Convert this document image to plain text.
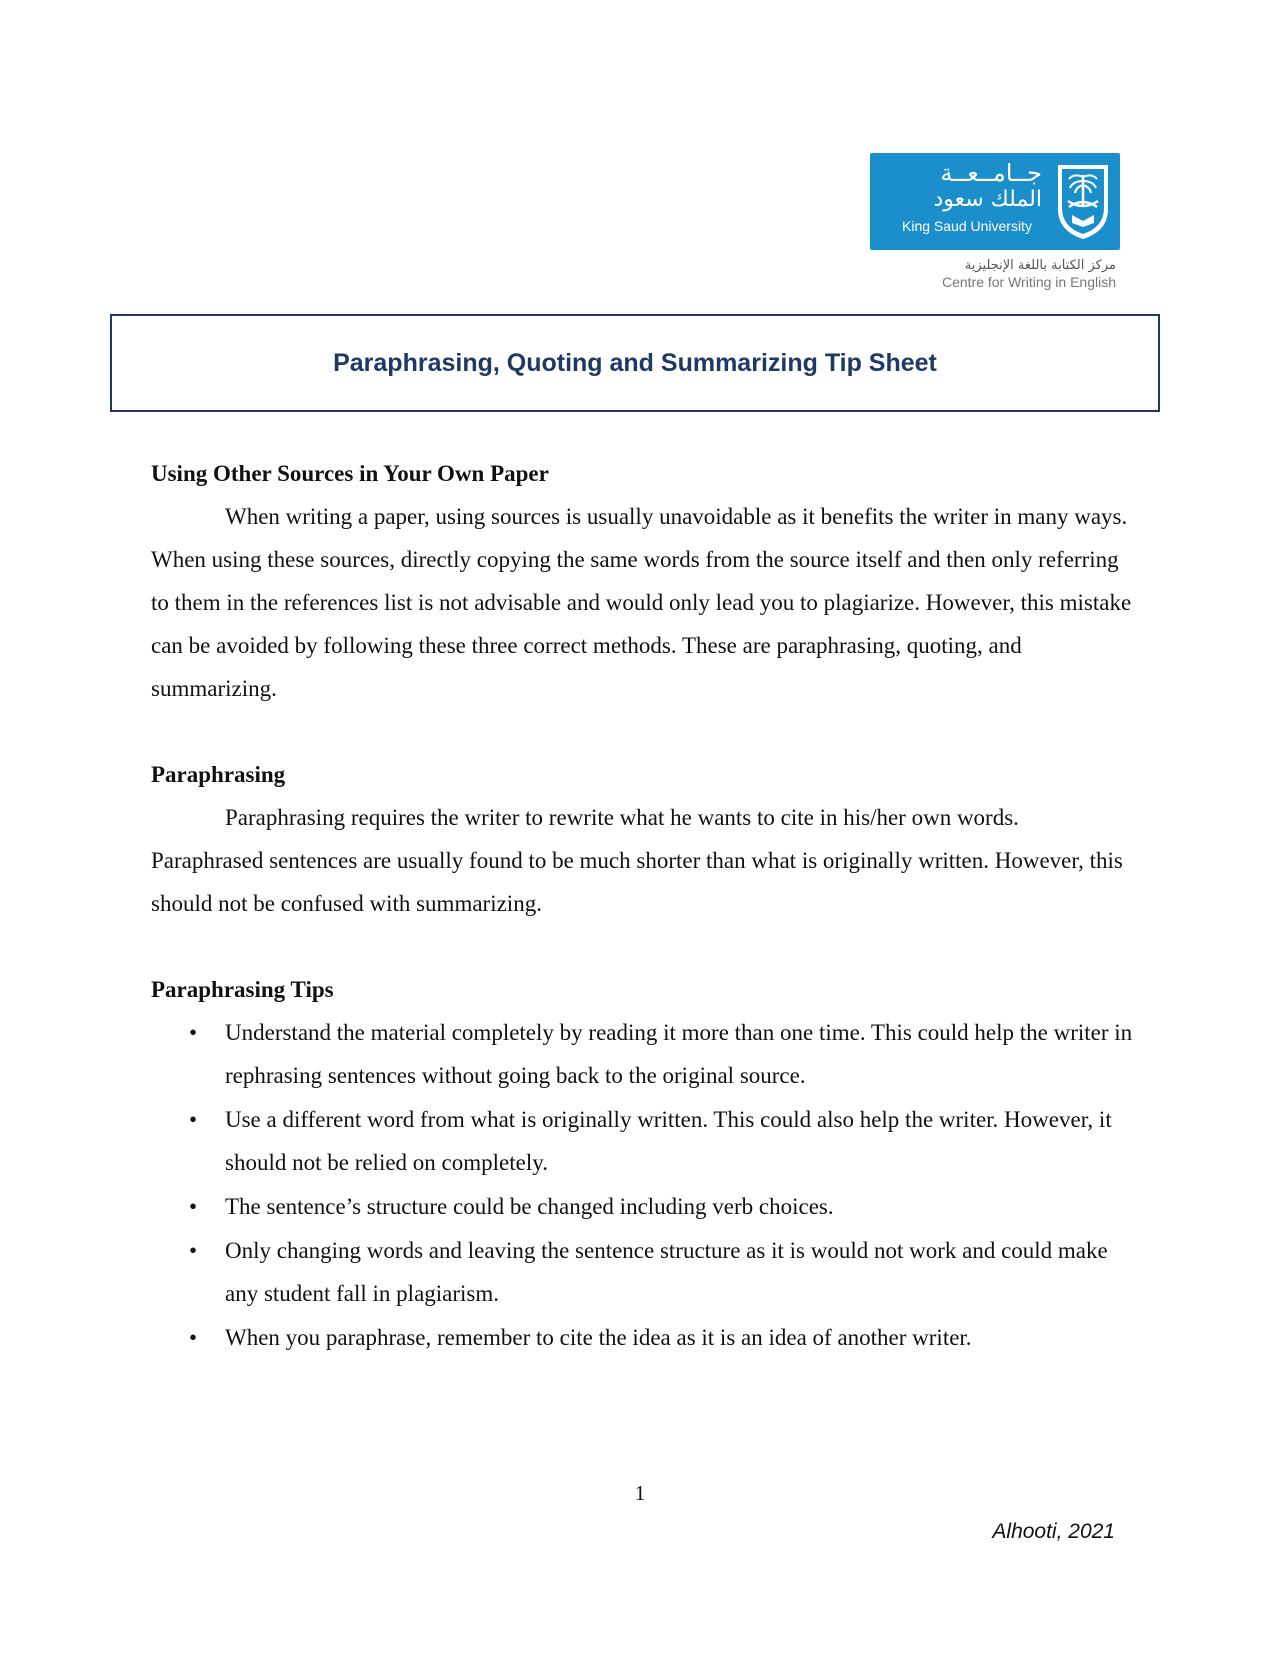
جــامــعــة
الملك سعود
King Saud University
مركز الكتابة باللغة الإنجليزية
Centre for Writing in English
Paraphrasing, Quoting and Summarizing Tip Sheet

Using Other Sources in Your Own Paper

When writing a paper, using sources is usually unavoidable as it benefits the writer in many ways. When using these sources, directly copying the same words from the source itself and then only referring to them in the references list is not advisable and would only lead you to plagiarize. However, this mistake can be avoided by following these three correct methods. These are paraphrasing, quoting, and summarizing.

Paraphrasing

Paraphrasing requires the writer to rewrite what he wants to cite in his/her own words. Paraphrased sentences are usually found to be much shorter than what is originally written. However, this should not be confused with summarizing.

Paraphrasing Tips

• Understand the material completely by reading it more than one time. This could help the writer in rephrasing sentences without going back to the original source.
• Use a different word from what is originally written. This could also help the writer. However, it should not be relied on completely.
• The sentence’s structure could be changed including verb choices.
• Only changing words and leaving the sentence structure as it is would not work and could make any student fall in plagiarism.
• When you paraphrase, remember to cite the idea as it is an idea of another writer.
1
Alhooti, 2021
